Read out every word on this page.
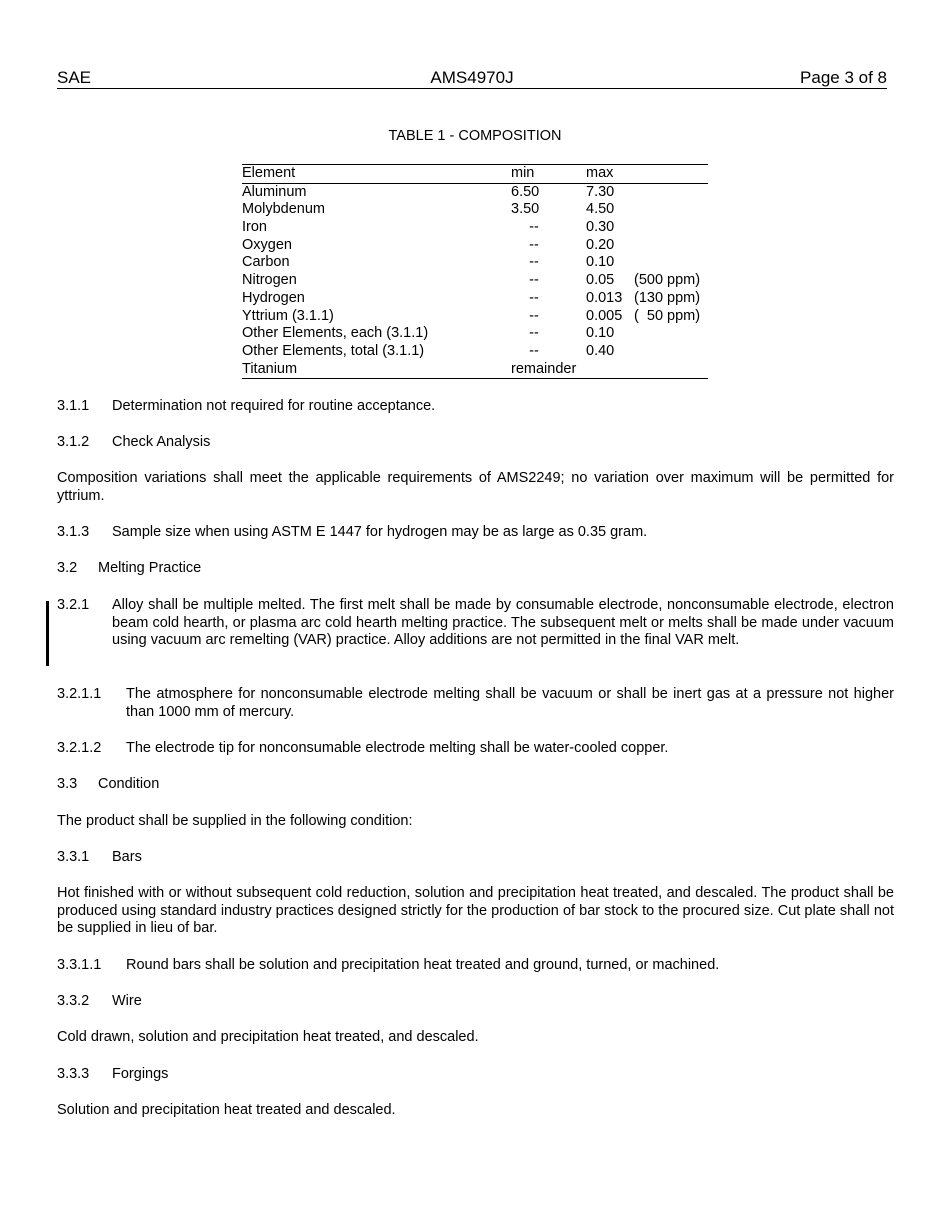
SAE	AMS4970J	Page 3 of 8
TABLE 1 - COMPOSITION
Element	min	max
Aluminum	6.50	7.30
Molybdenum	3.50	4.50
Iron	--	0.30
Oxygen	--	0.20
Carbon	--	0.10
Nitrogen	--	0.05 (500 ppm)
Hydrogen	--	0.013 (130 ppm)
Yttrium (3.1.1)	--	0.005 (  50 ppm)
Other Elements, each (3.1.1)	--	0.10
Other Elements, total (3.1.1)	--	0.40
Titanium	remainder
3.1.1 Determination not required for routine acceptance.
3.1.2 Check Analysis

Composition variations shall meet the applicable requirements of AMS2249; no variation over maximum will be permitted for yttrium.

3.1.3 Sample size when using ASTM E 1447 for hydrogen may be as large as 0.35 gram.
3.2 Melting Practice
3.2.1 Alloy shall be multiple melted. The first melt shall be made by consumable electrode, nonconsumable electrode, electron beam cold hearth, or plasma arc cold hearth melting practice. The subsequent melt or melts shall be made under vacuum using vacuum arc remelting (VAR) practice. Alloy additions are not permitted in the final VAR melt.

3.2.1.1 The atmosphere for nonconsumable electrode melting shall be vacuum or shall be inert gas at a pressure not higher than 1000 mm of mercury.

3.2.1.2 The electrode tip for nonconsumable electrode melting shall be water-cooled copper.
3.3 Condition

The product shall be supplied in the following condition:

3.3.1 Bars

Hot finished with or without subsequent cold reduction, solution and precipitation heat treated, and descaled. The product shall be produced using standard industry practices designed strictly for the production of bar stock to the procured size. Cut plate shall not be supplied in lieu of bar.

3.3.1.1 Round bars shall be solution and precipitation heat treated and ground, turned, or machined.
3.3.2 Wire

Cold drawn, solution and precipitation heat treated, and descaled.

3.3.3 Forgings

Solution and precipitation heat treated and descaled.
